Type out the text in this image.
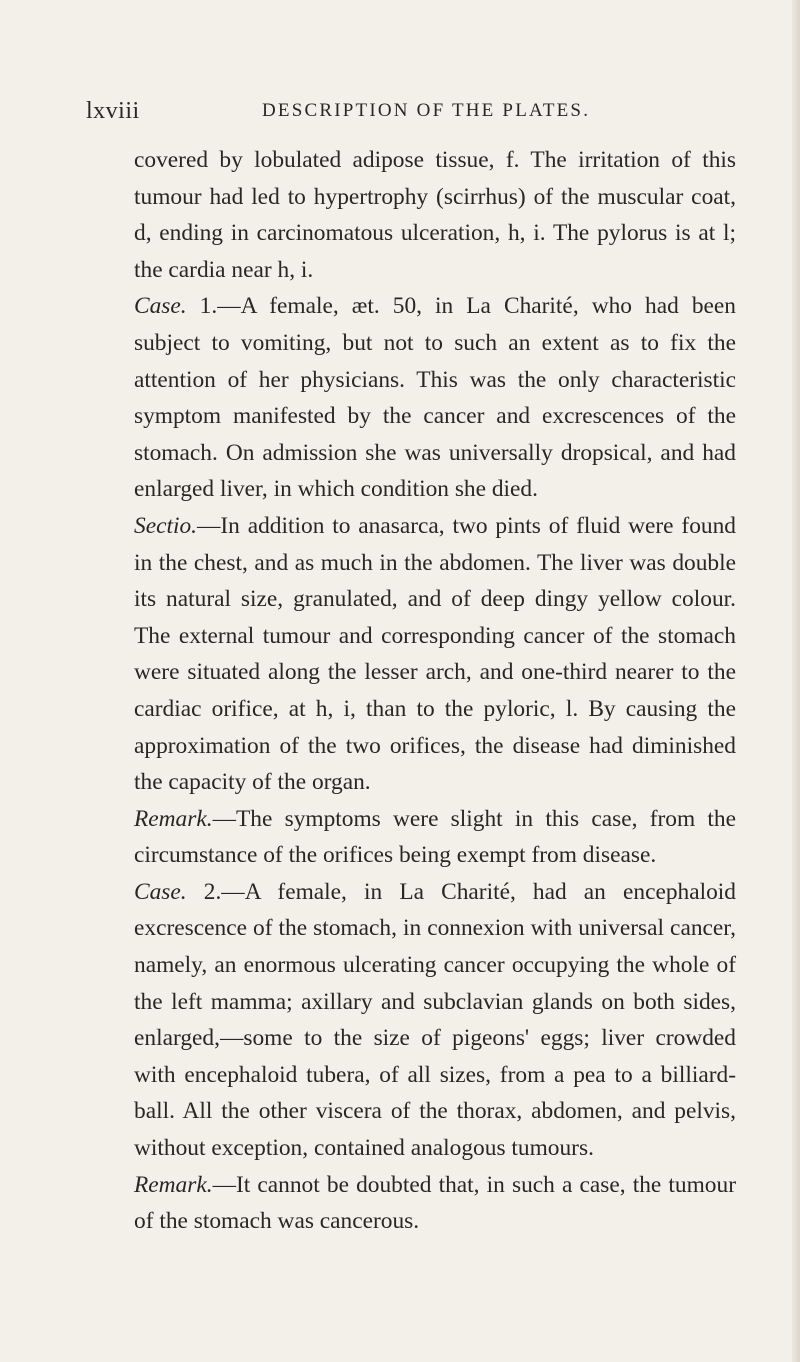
lxviii	DESCRIPTION OF THE PLATES.

covered by lobulated adipose tissue, f. The irritation of this tumour had led to hypertrophy (scirrhus) of the muscular coat, d, ending in carcinomatous ulceration, h, i. The pylorus is at l; the cardia near h, i.

Case. 1.—A female, æt. 50, in La Charité, who had been subject to vomiting, but not to such an extent as to fix the attention of her physicians. This was the only characteristic symptom manifested by the cancer and excrescences of the stomach. On admission she was universally dropsical, and had enlarged liver, in which condition she died.

Sectio.—In addition to anasarca, two pints of fluid were found in the chest, and as much in the abdomen. The liver was double its natural size, granulated, and of deep dingy yellow colour. The external tumour and corresponding cancer of the stomach were situated along the lesser arch, and one-third nearer to the cardiac orifice, at h, i, than to the pyloric, l. By causing the approximation of the two orifices, the disease had diminished the capacity of the organ.

Remark.—The symptoms were slight in this case, from the circumstance of the orifices being exempt from disease.

Case. 2.—A female, in La Charité, had an encephaloid excrescence of the stomach, in connexion with universal cancer, namely, an enormous ulcerating cancer occupying the whole of the left mamma; axillary and subclavian glands on both sides, enlarged,—some to the size of pigeons' eggs; liver crowded with encephaloid tubera, of all sizes, from a pea to a billiard-ball. All the other viscera of the thorax, abdomen, and pelvis, without exception, contained analogous tumours.

Remark.—It cannot be doubted that, in such a case, the tumour of the stomach was cancerous.
